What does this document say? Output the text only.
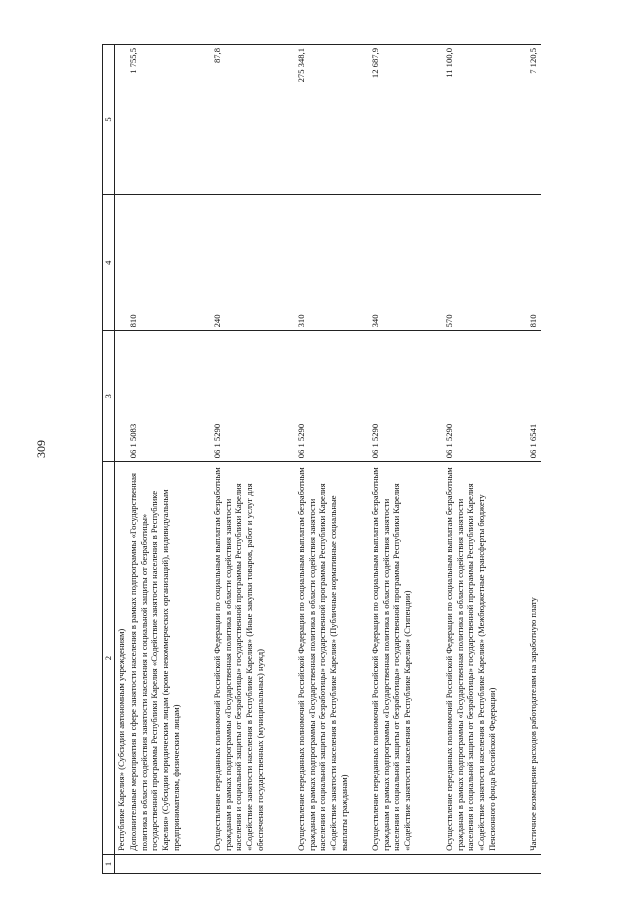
309
1	2	3	4	5
	Республике Карелия» (Субсидии автономным учреждениям)			
	Дополнительные мероприятия в сфере занятости населения в рамках подпрограммы «Государственная политика в области содействия занятости населения и социальной защиты от безработицы» государственной программы Республики Карелия «Содействие занятости населения в Республике Карелия» (Субсидии юридическим лицам (кроме некоммерческих организаций), индивидуальным предпринимателям, физическим лицам)	06 1 5083	810	1 755,5
	Осуществление переданных полномочий Российской Федерации по социальным выплатам безработным гражданам в рамках подпрограммы «Государственная политика в области содействия занятости населения и социальной защиты от безработицы» государственной программы Республики Карелия «Содействие занятости населения в Республике Карелия» (Иные закупки товаров, работ и услуг для обеспечения государственных (муниципальных) нужд)	06 1 5290	240	87,8
	Осуществление переданных полномочий Российской Федерации по социальным выплатам безработным гражданам в рамках подпрограммы «Государственная политика в области содействия занятости населения и социальной защиты от безработицы» государственной программы Республики Карелия «Содействие занятости населения в Республике Карелия» (Публичные нормативные социальные выплаты гражданам)	06 1 5290	310	275 348,1
	Осуществление переданных полномочий Российской Федерации по социальным выплатам безработным гражданам в рамках подпрограммы «Государственная политика в области содействия занятости населения и социальной защиты от безработицы» государственной программы Республики Карелия «Содействие занятости населения в Республике Карелия» (Стипендии)	06 1 5290	340	12 687,9
	Осуществление переданных полномочий Российской Федерации по социальным выплатам безработным гражданам в рамках подпрограммы «Государственная политика в области содействия занятости населения и социальной защиты от безработицы» государственной программы Республики Карелия «Содействие занятости населения в Республике Карелия» (Межбюджетные трансферты бюджету Пенсионного фонда Российской Федерации)	06 1 5290	570	11 100,0
	Частичное возмещение расходов работодателям на заработную плату	06 1 6541	810	7 120,5
